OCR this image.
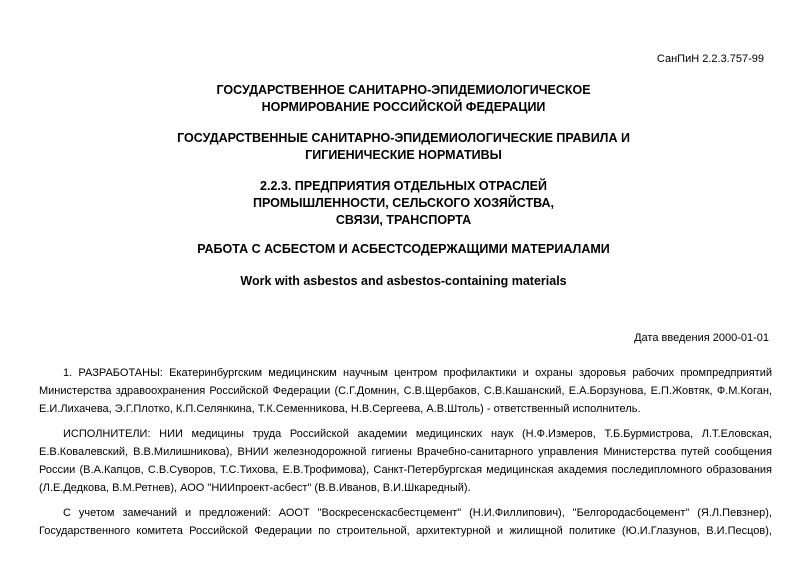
СанПиН 2.2.3.757-99
ГОСУДАРСТВЕННОЕ САНИТАРНО-ЭПИДЕМИОЛОГИЧЕСКОЕ
НОРМИРОВАНИЕ РОССИЙСКОЙ ФЕДЕРАЦИИ
ГОСУДАРСТВЕННЫЕ САНИТАРНО-ЭПИДЕМИОЛОГИЧЕСКИЕ ПРАВИЛА И
ГИГИЕНИЧЕСКИЕ НОРМАТИВЫ
2.2.3. ПРЕДПРИЯТИЯ ОТДЕЛЬНЫХ ОТРАСЛЕЙ
ПРОМЫШЛЕННОСТИ, СЕЛЬСКОГО ХОЗЯЙСТВА,
СВЯЗИ, ТРАНСПОРТА
РАБОТА С АСБЕСТОМ И АСБЕСТСОДЕРЖАЩИМИ МАТЕРИАЛАМИ
Work with asbestos and asbestos-containing materials
Дата введения 2000-01-01

1. РАЗРАБОТАНЫ: Екатеринбургским медицинским научным центром профилактики и охраны здоровья рабочих промпредприятий
Министерства здравоохранения Российской Федерации (С.Г.Домнин, С.В.Щербаков, С.В.Кашанский, Е.А.Борзунова, Е.П.Жовтяк, Ф.М.Коган,
Е.И.Лихачева, Э.Г.Плотко, К.П.Селянкина, Т.К.Семенникова, Н.В.Сергеева, А.В.Штоль) - ответственный исполнитель.

ИСПОЛНИТЕЛИ: НИИ медицины труда Российской академии медицинских наук (Н.Ф.Измеров, Т.Б.Бурмистрова, Л.Т.Еловская,
Е.В.Ковалевский, В.В.Милишникова), ВНИИ железнодорожной гигиены Врачебно-санитарного управления Министерства путей сообщения
России (В.А.Капцов, С.В.Суворов, Т.С.Тихова, Е.В.Трофимова), Санкт-Петербургская медицинская академия последипломного образования
(Л.Е.Дедкова, В.М.Ретнев), АОО "НИИпроект-асбест" (В.В.Иванов, В.И.Шкаредный).

С учетом замечаний и предложений: АООТ "Воскресенскасбестцемент" (Н.И.Филлипович), "Белгородасбоцемент" (Я.Л.Певзнер),
Государственного комитета Российской Федерации по строительной, архитектурной и жилищной политике (Ю.И.Глазунов, В.И.Песцов),
